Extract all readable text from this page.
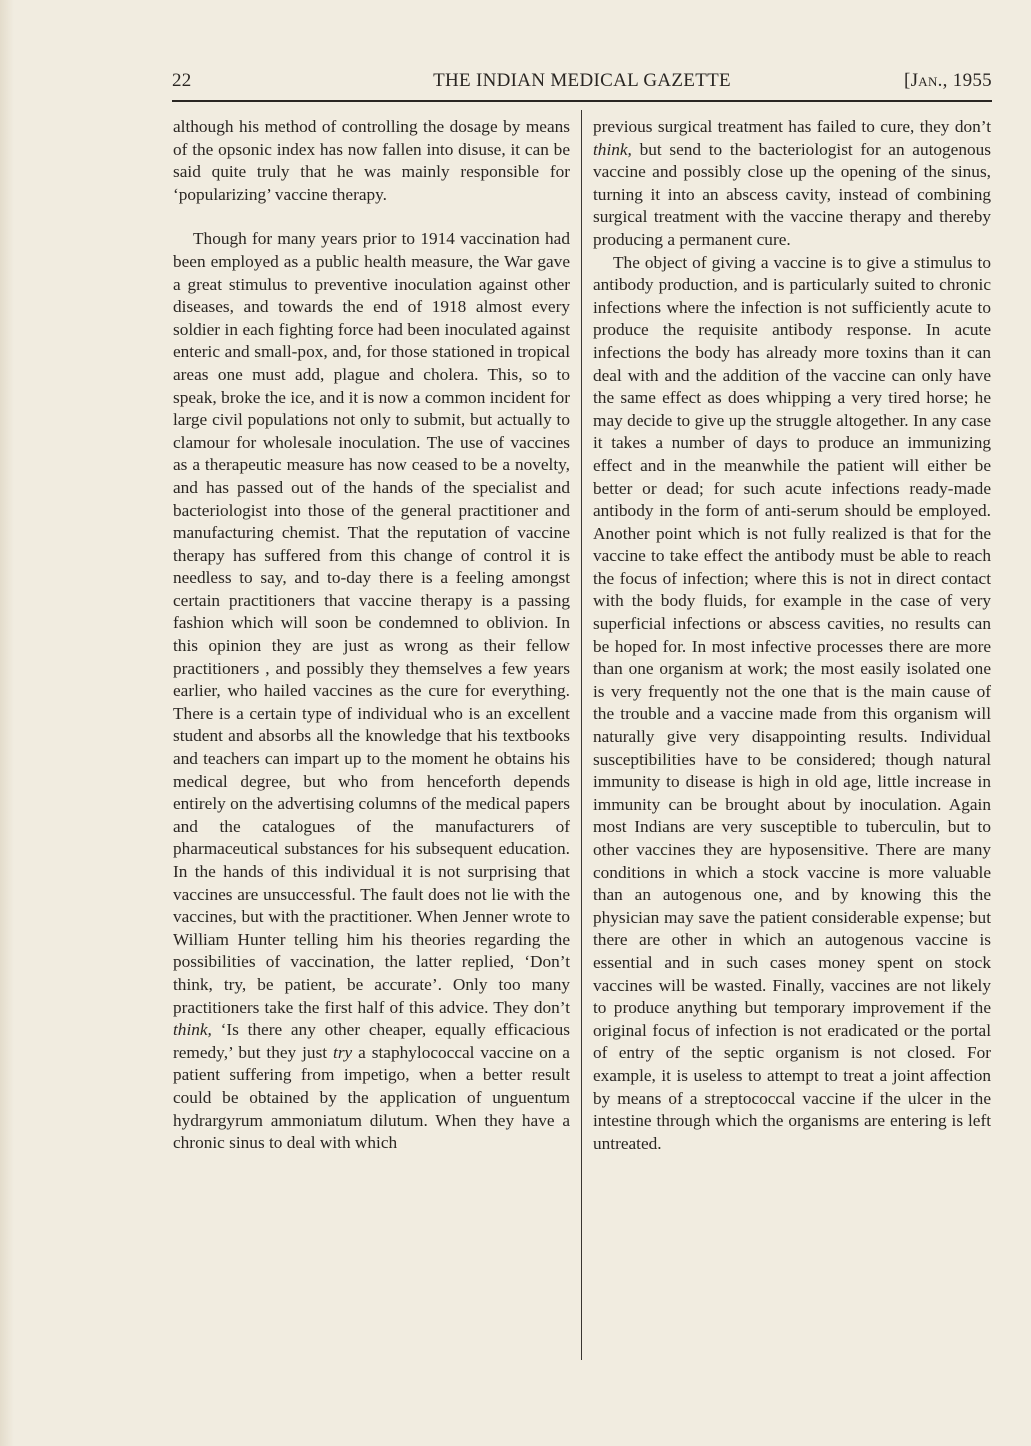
22	THE INDIAN MEDICAL GAZETTE	[Jan., 1955

although his method of controlling the dosage by means of the opsonic index has now fallen into disuse, it can be said quite truly that he was mainly responsible for ‘popularizing’ vaccine therapy.

Though for many years prior to 1914 vaccination had been employed as a public health measure, the War gave a great stimulus to preventive inoculation against other diseases, and towards the end of 1918 almost every soldier in each fighting force had been inoculated against enteric and small-pox, and, for those stationed in tropical areas one must add, plague and cholera. This, so to speak, broke the ice, and it is now a common incident for large civil populations not only to submit, but actually to clamour for wholesale inoculation. The use of vaccines as a therapeutic measure has now ceased to be a novelty, and has passed out of the hands of the specialist and bacteriologist into those of the general practitioner and manufacturing chemist. That the reputation of vaccine therapy has suffered from this change of control it is needless to say, and to-day there is a feeling amongst certain practitioners that vaccine therapy is a passing fashion which will soon be condemned to oblivion. In this opinion they are just as wrong as their fellow practitioners , and possibly they themselves a few years earlier, who hailed vaccines as the cure for everything. There is a certain type of individual who is an excellent student and absorbs all the knowledge that his textbooks and teachers can impart up to the moment he obtains his medical degree, but who from henceforth depends entirely on the advertising columns of the medical papers and the catalogues of the manufacturers of pharmaceutical substances for his subsequent education. In the hands of this individual it is not surprising that vaccines are unsuccessful. The fault does not lie with the vaccines, but with the practitioner. When Jenner wrote to William Hunter telling him his theories regarding the possibilities of vaccination, the latter replied, ‘Don’t think, try, be patient, be accurate’. Only too many practitioners take the first half of this advice. They don’t think, ‘Is there any other cheaper, equally efficacious remedy,’ but they just try a staphylococcal vaccine on a patient suffering from impetigo, when a better result could be obtained by the application of unguentum hydrargyrum ammoniatum dilutum. When they have a chronic sinus to deal with which

previous surgical treatment has failed to cure, they don’t think, but send to the bacteriologist for an autogenous vaccine and possibly close up the opening of the sinus, turning it into an abscess cavity, instead of combining surgical treatment with the vaccine therapy and thereby producing a permanent cure.

The object of giving a vaccine is to give a stimulus to antibody production, and is particularly suited to chronic infections where the infection is not sufficiently acute to produce the requisite antibody response. In acute infections the body has already more toxins than it can deal with and the addition of the vaccine can only have the same effect as does whipping a very tired horse; he may decide to give up the struggle altogether. In any case it takes a number of days to produce an immunizing effect and in the meanwhile the patient will either be better or dead; for such acute infections ready-made antibody in the form of anti-serum should be employed. Another point which is not fully realized is that for the vaccine to take effect the antibody must be able to reach the focus of infection; where this is not in direct contact with the body fluids, for example in the case of very superficial infections or abscess cavities, no results can be hoped for. In most infective processes there are more than one organism at work; the most easily isolated one is very frequently not the one that is the main cause of the trouble and a vaccine made from this organism will naturally give very disappointing results. Individual susceptibilities have to be considered; though natural immunity to disease is high in old age, little increase in immunity can be brought about by inoculation. Again most Indians are very susceptible to tuberculin, but to other vaccines they are hyposensitive. There are many conditions in which a stock vaccine is more valuable than an autogenous one, and by knowing this the physician may save the patient considerable expense; but there are other in which an autogenous vaccine is essential and in such cases money spent on stock vaccines will be wasted. Finally, vaccines are not likely to produce anything but temporary improvement if the original focus of infection is not eradicated or the portal of entry of the septic organism is not closed. For example, it is useless to attempt to treat a joint affection by means of a streptococcal vaccine if the ulcer in the intestine through which the organisms are entering is left untreated.
